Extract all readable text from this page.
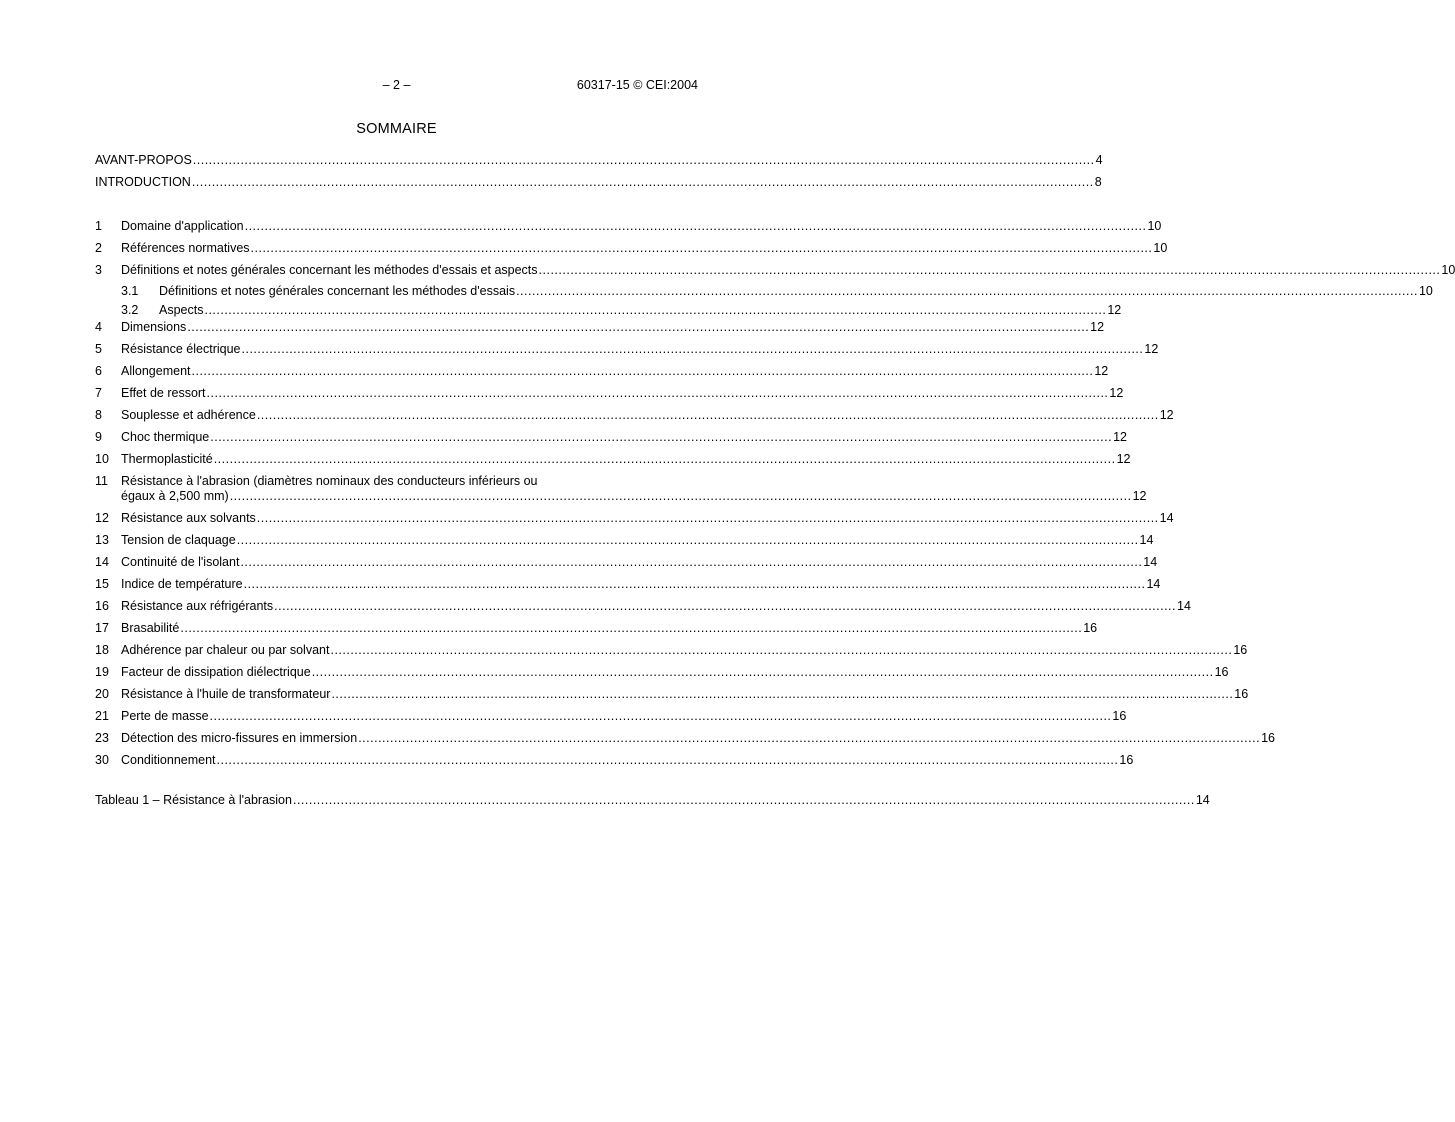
– 2 –	60317-15 © CEI:2004
SOMMAIRE
AVANT-PROPOS .....	4
INTRODUCTION .....	8
1	Domaine d'application .....	10
2	Références normatives .....	10
3	Définitions et notes générales concernant les méthodes d'essais et aspects .....	10
3.1	Définitions et notes générales concernant les méthodes d'essais .....	10
3.2	Aspects .....	12
4	Dimensions .....	12
5	Résistance électrique .....	12
6	Allongement .....	12
7	Effet de ressort .....	12
8	Souplesse et adhérence .....	12
9	Choc thermique .....	12
10 Thermoplasticité .....	12
11	Résistance à l'abrasion (diamètres nominaux des conducteurs inférieurs ou
égaux à 2,500 mm) .....	12
12 Résistance aux solvants .....	14
13 Tension de claquage .....	14
14 Continuité de l'isolant .....	14
15 Indice de température .....	14
16 Résistance aux réfrigérants .....	14
17 Brasabilité .....	16
18 Adhérence par chaleur ou par solvant .....	16
19 Facteur de dissipation diélectrique .....	16
20 Résistance à l'huile de transformateur .....	16
21 Perte de masse .....	16
23 Détection des micro-fissures en immersion .....	16
30 Conditionnement .....	16
Tableau 1 – Résistance à l'abrasion .....	14
